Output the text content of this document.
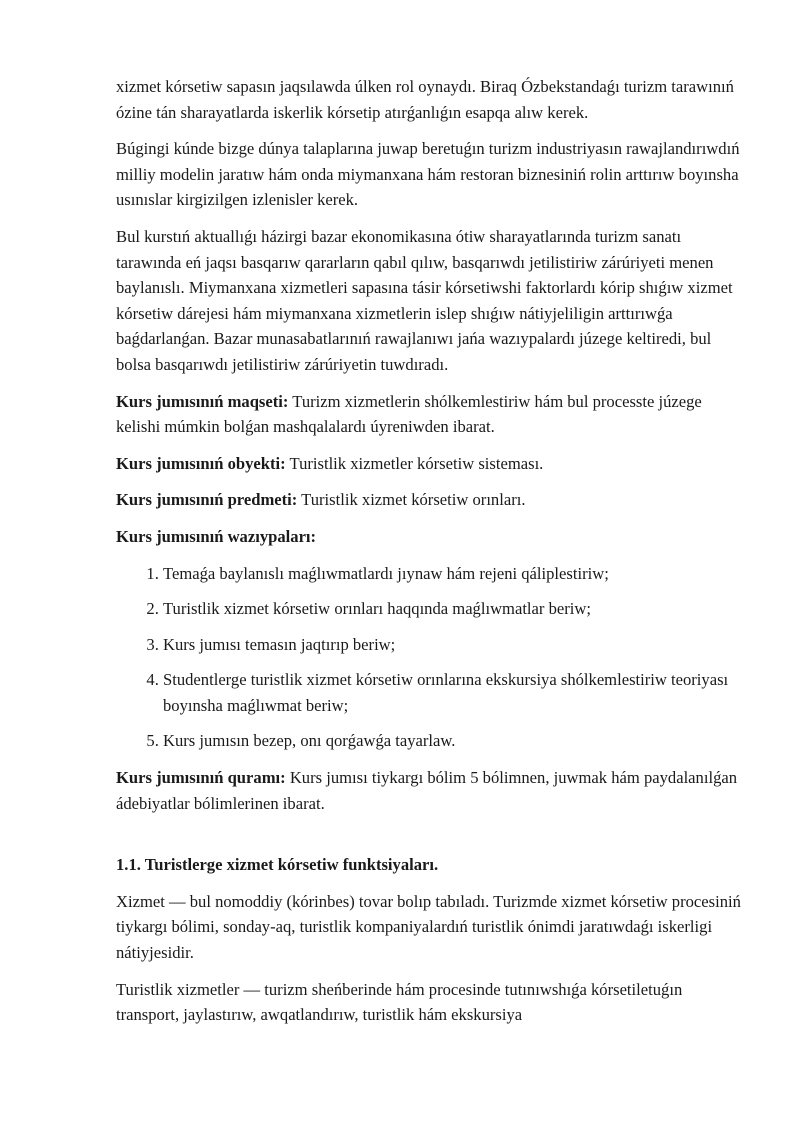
xizmet kórsetiw sapasın jaqsılawda úlken rol oynaydı. Biraq Ózbekstandaǵı turizm tarawınıń ózine tán sharayatlarda iskerlik kórsetip atırǵanlıǵın esapqa alıw kerek.

Búgingi kúnde bizge dúnya talaplarına juwap beretuǵın turizm industriyasın rawajlandırıwdıń milliy modelin jaratıw hám onda miymanxana hám restoran biznesiniń rolin arttırıw boyınsha usınıslar kirgizilgen izlenisler kerek.

Bul kurstıń aktuallıǵı házirgi bazar ekonomikasına ótiw sharayatlarında turizm sanatı tarawında eń jaqsı basqarıw qararların qabıl qılıw, basqarıwdı jetilistiriw zárúriyeti menen baylanıslı. Miymanxana xizmetleri sapasına tásir kórsetiwshi faktorlardı kórip shıǵıw xizmet kórsetiw dárejesi hám miymanxana xizmetlerin islep shıǵıw nátiyjeliligin arttırıwǵa baǵdarlanǵan. Bazar munasabatlarınıń rawajlanıwı jańa wazıypalardı júzege keltiredi, bul bolsa basqarıwdı jetilistiriw zárúriyetin tuwdıradı.

Kurs jumısınıń maqseti: Turizm xizmetlerin shólkemlestiriw hám bul processte júzege kelishi múmkin bolǵan mashqalalardı úyreniwden ibarat.

Kurs jumısınıń obyekti: Turistlik xizmetler kórsetiw sisteması.

Kurs jumısınıń predmeti: Turistlik xizmet kórsetiw orınları.

Kurs jumısınıń wazıypaları:

1. Temaǵa baylanıslı maǵlıwmatlardı jıynaw hám rejeni qáliplestiriw;
2. Turistlik xizmet kórsetiw orınları haqqında maǵlıwmatlar beriw;
3. Kurs jumısı temasın jaqtırıp beriw;
4. Studentlerge turistlik xizmet kórsetiw orınlarına ekskursiya shólkemlestiriw teoriyası boyınsha maǵlıwmat beriw;
5. Kurs jumısın bezep, onı qorǵawǵa tayarlaw.

Kurs jumısınıń quramı: Kurs jumısı tiykargı bólim 5 bólimnen, juwmak hám paydalanılǵan ádebiyatlar bólimlerinen ibarat.

1.1. Turistlerge xizmet kórsetiw funktsiyaları.

Xizmet — bul nomoddiy (kórinbes) tovar bolıp tabıladı. Turizmde xizmet kórsetiw procesiniń tiykargı bólimi, sonday-aq, turistlik kompaniyalardıń turistlik ónimdi jaratıwdaǵı iskerligi nátiyjesidir.

Turistlik xizmetler — turizm sheńberinde hám procesinde tutınıwshıǵa kórsetiletuǵın transport, jaylastırıw, awqatlandırıw, turistlik hám ekskursiya
